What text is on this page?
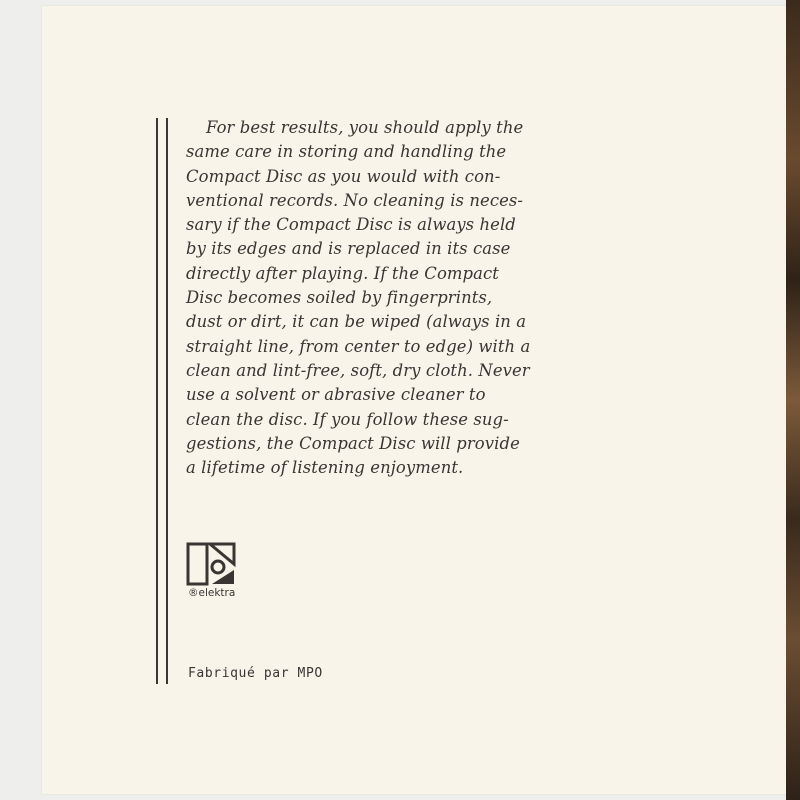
For best results, you should apply the
same care in storing and handling the
Compact Disc as you would with con-
ventional records. No cleaning is neces-
sary if the Compact Disc is always held
by its edges and is replaced in its case
directly after playing. If the Compact
Disc becomes soiled by fingerprints,
dust or dirt, it can be wiped (always in a
straight line, from center to edge) with a
clean and lint-free, soft, dry cloth. Never
use a solvent or abrasive cleaner to
clean the disc. If you follow these sug-
gestions, the Compact Disc will provide
a lifetime of listening enjoyment.

®elektra
Fabriqué par MPO
